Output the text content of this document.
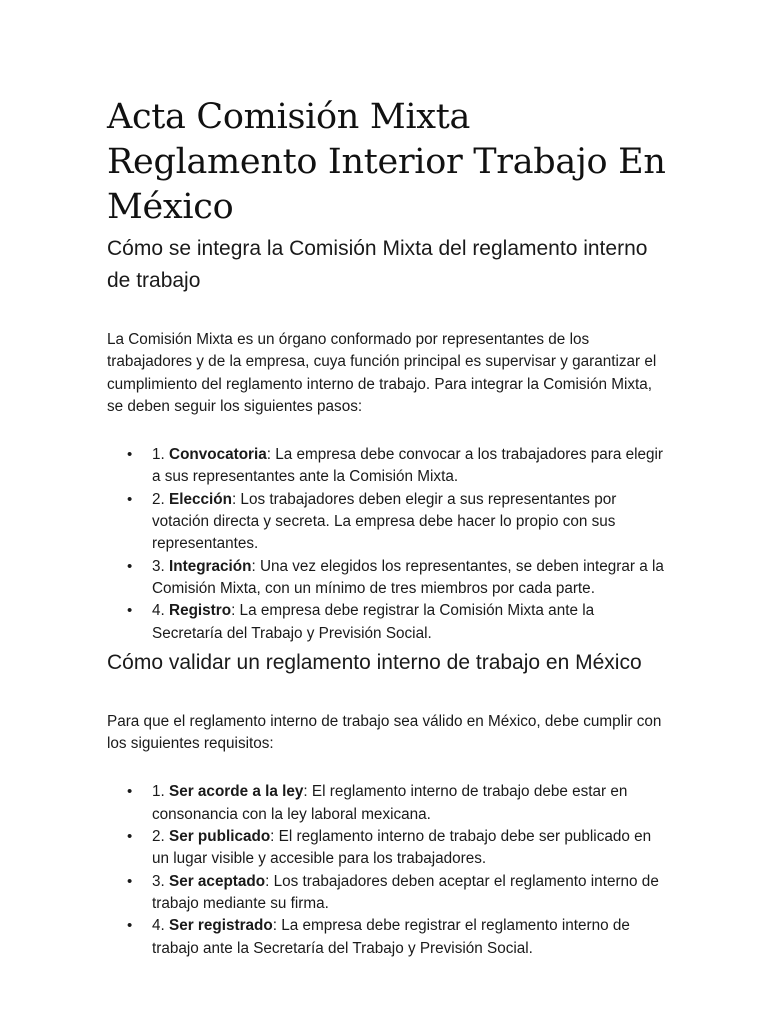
Acta Comisión Mixta Reglamento Interior Trabajo En México
Cómo se integra la Comisión Mixta del reglamento interno de trabajo

La Comisión Mixta es un órgano conformado por representantes de los trabajadores y de la empresa, cuya función principal es supervisar y garantizar el cumplimiento del reglamento interno de trabajo. Para integrar la Comisión Mixta, se deben seguir los siguientes pasos:

• 1. Convocatoria: La empresa debe convocar a los trabajadores para elegir a sus representantes ante la Comisión Mixta.
• 2. Elección: Los trabajadores deben elegir a sus representantes por votación directa y secreta. La empresa debe hacer lo propio con sus representantes.
• 3. Integración: Una vez elegidos los representantes, se deben integrar a la Comisión Mixta, con un mínimo de tres miembros por cada parte.
• 4. Registro: La empresa debe registrar la Comisión Mixta ante la Secretaría del Trabajo y Previsión Social.
Cómo validar un reglamento interno de trabajo en México

Para que el reglamento interno de trabajo sea válido en México, debe cumplir con los siguientes requisitos:

• 1. Ser acorde a la ley: El reglamento interno de trabajo debe estar en consonancia con la ley laboral mexicana.
• 2. Ser publicado: El reglamento interno de trabajo debe ser publicado en un lugar visible y accesible para los trabajadores.
• 3. Ser aceptado: Los trabajadores deben aceptar el reglamento interno de trabajo mediante su firma.
• 4. Ser registrado: La empresa debe registrar el reglamento interno de trabajo ante la Secretaría del Trabajo y Previsión Social.
